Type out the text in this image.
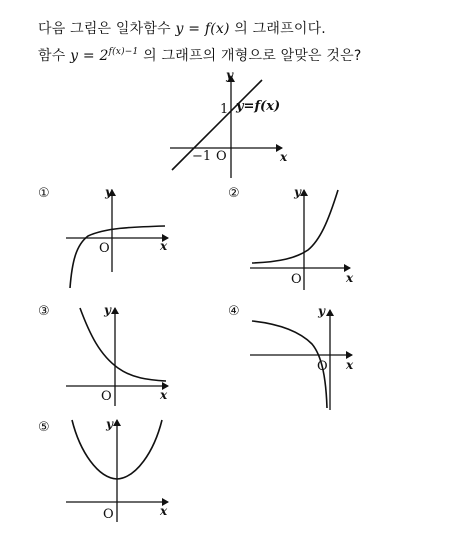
다음 그림은 일차함수 y = f(x) 의 그래프이다.
함수 $y = 2^{f(x)-1}$ 의 그래프의 개형으로 알맞은 것은?
y
x
O
1
−1
y=f(x)
①	y
x
O
②	y
x
O
③	y
x
O
④	y
x
O
⑤	y
x
O
